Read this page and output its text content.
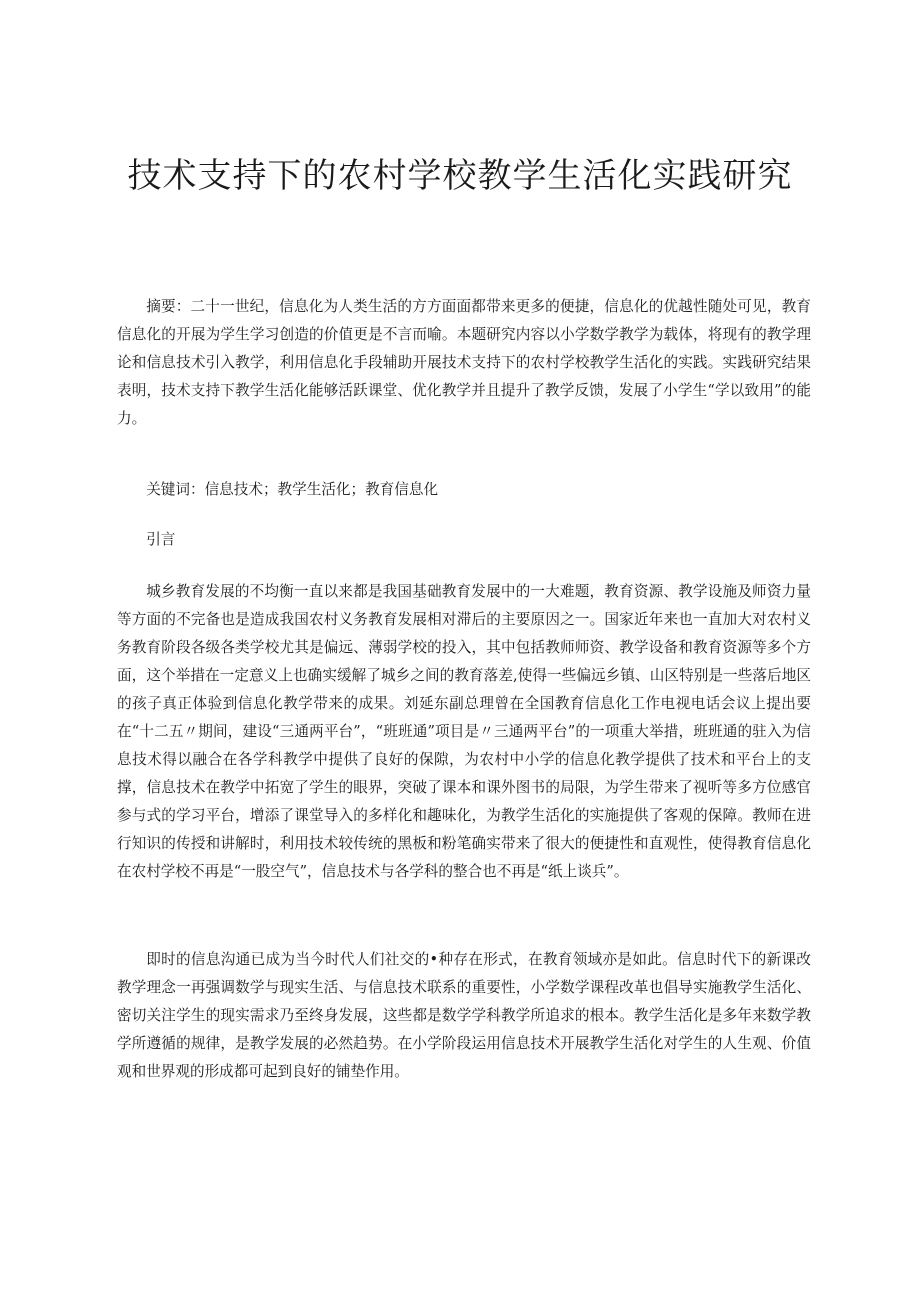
技术支持下的农村学校教学生活化实践研究

摘要：二十一世纪，信息化为人类生活的方方面面都带来更多的便捷，信息化的优越性随处可见，教育信息化的开展为学生学习创造的价值更是不言而喻。本题研究内容以小学数学教学为载体，将现有的教学理论和信息技术引入教学，利用信息化手段辅助开展技术支持下的农村学校教学生活化的实践。实践研究结果表明，技术支持下教学生活化能够活跃课堂、优化教学并且提升了教学反馈，发展了小学生“学以致用”的能力。

关键词：信息技术；教学生活化；教育信息化

引言

城乡教育发展的不均衡一直以来都是我国基础教育发展中的一大难题，教育资源、教学设施及师资力量等方面的不完备也是造成我国农村义务教育发展相对滞后的主要原因之一。国家近年来也一直加大对农村义务教育阶段各级各类学校尤其是偏远、薄弱学校的投入，其中包括教师师资、教学设备和教育资源等多个方面，这个举措在一定意义上也确实缓解了城乡之间的教育落差,使得一些偏远乡镇、山区特别是一些落后地区的孩子真正体验到信息化教学带来的成果。刘延东副总理曾在全国教育信息化工作电视电话会议上提出要在“十二五〃期间，建设“三通两平台”，“班班通”项目是〃三通两平台”的一项重大举措，班班通的驻入为信息技术得以融合在各学科教学中提供了良好的保隙，为农村中小学的信息化教学提供了技术和平台上的支撑，信息技术在教学中拓宽了学生的眼界，突破了课本和课外图书的局限，为学生带来了视听等多方位感官参与式的学习平台，增添了课堂导入的多样化和趣味化，为教学生活化的实施提供了客观的保障。教师在进行知识的传授和讲解时，利用技术较传统的黑板和粉笔确实带来了很大的便捷性和直观性，使得教育信息化在农村学校不再是“一股空气”，信息技术与各学科的整合也不再是“纸上谈兵”。

即时的信息沟通已成为当今时代人们社交的•种存在形式，在教育领域亦是如此。信息时代下的新课改教学理念一再强调数学与现实生活、与信息技术联系的重要性，小学数学课程改革也倡导实施教学生活化、密切关注学生的现实需求乃至终身发展，这些都是数学学科教学所追求的根本。教学生活化是多年来数学教学所遵循的规律，是教学发展的必然趋势。在小学阶段运用信息技术开展教学生活化对学生的人生观、价值观和世界观的形成都可起到良好的铺垫作用。
